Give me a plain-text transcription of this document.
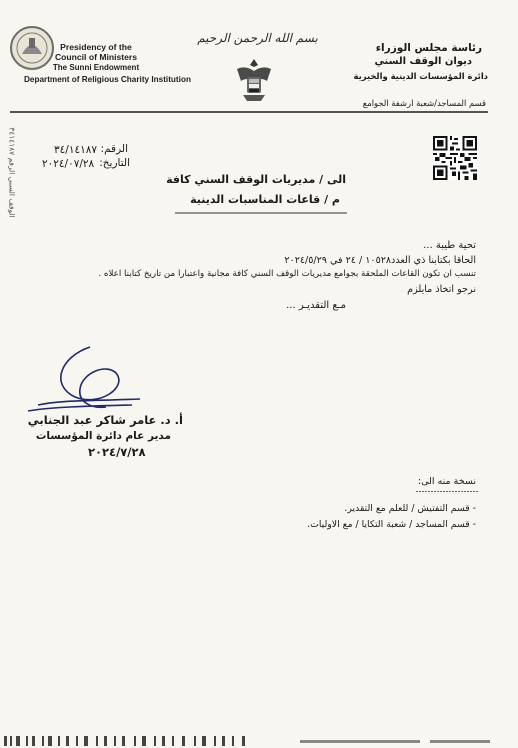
Presidency of the
Council of Ministers
The Sunni Endowment
Department of Religious Charity Institution
بسم الله الرحمن الرحيم
رئاسة مجلس الوزراء
ديوان الوقف السني
دائرة المؤسسات الدينية والخيرية
قسم المساجد/شعبة ارشفة الجوامع
الوقف السني الرقم ٣٤١٤١٨٧
الرقم:
٣٤/١٤١٨٧
التاريخ:
٢٠٢٤/٠٧/٢٨
الى / مديريات الوقف السني كافة
م / قاعات المناسبات الدينية
تحية طيبة ...
الحاقا بكتابنا ذي العدد١٠٥٢٨ / ٢٤ في ٢٠٢٤/٥/٢٩
تنسب ان تكون القاعات الملحقة بجوامع مديريات الوقف السني كافة مجانية واعتبارا من تاريخ كتابنا اعلاه .
نرجو اتخاذ مايلزم
مـع التقديـر ...
أ. د. عامر شاكر عبد الجنابي
مدير عام دائرة المؤسسات
٢٠٢٤/٧/٢٨
نسخة منه الى:
- قسم التفتيش / للعلم مع التقدير.
- قسم المساجد / شعبة التكايا / مع الاوليات.
